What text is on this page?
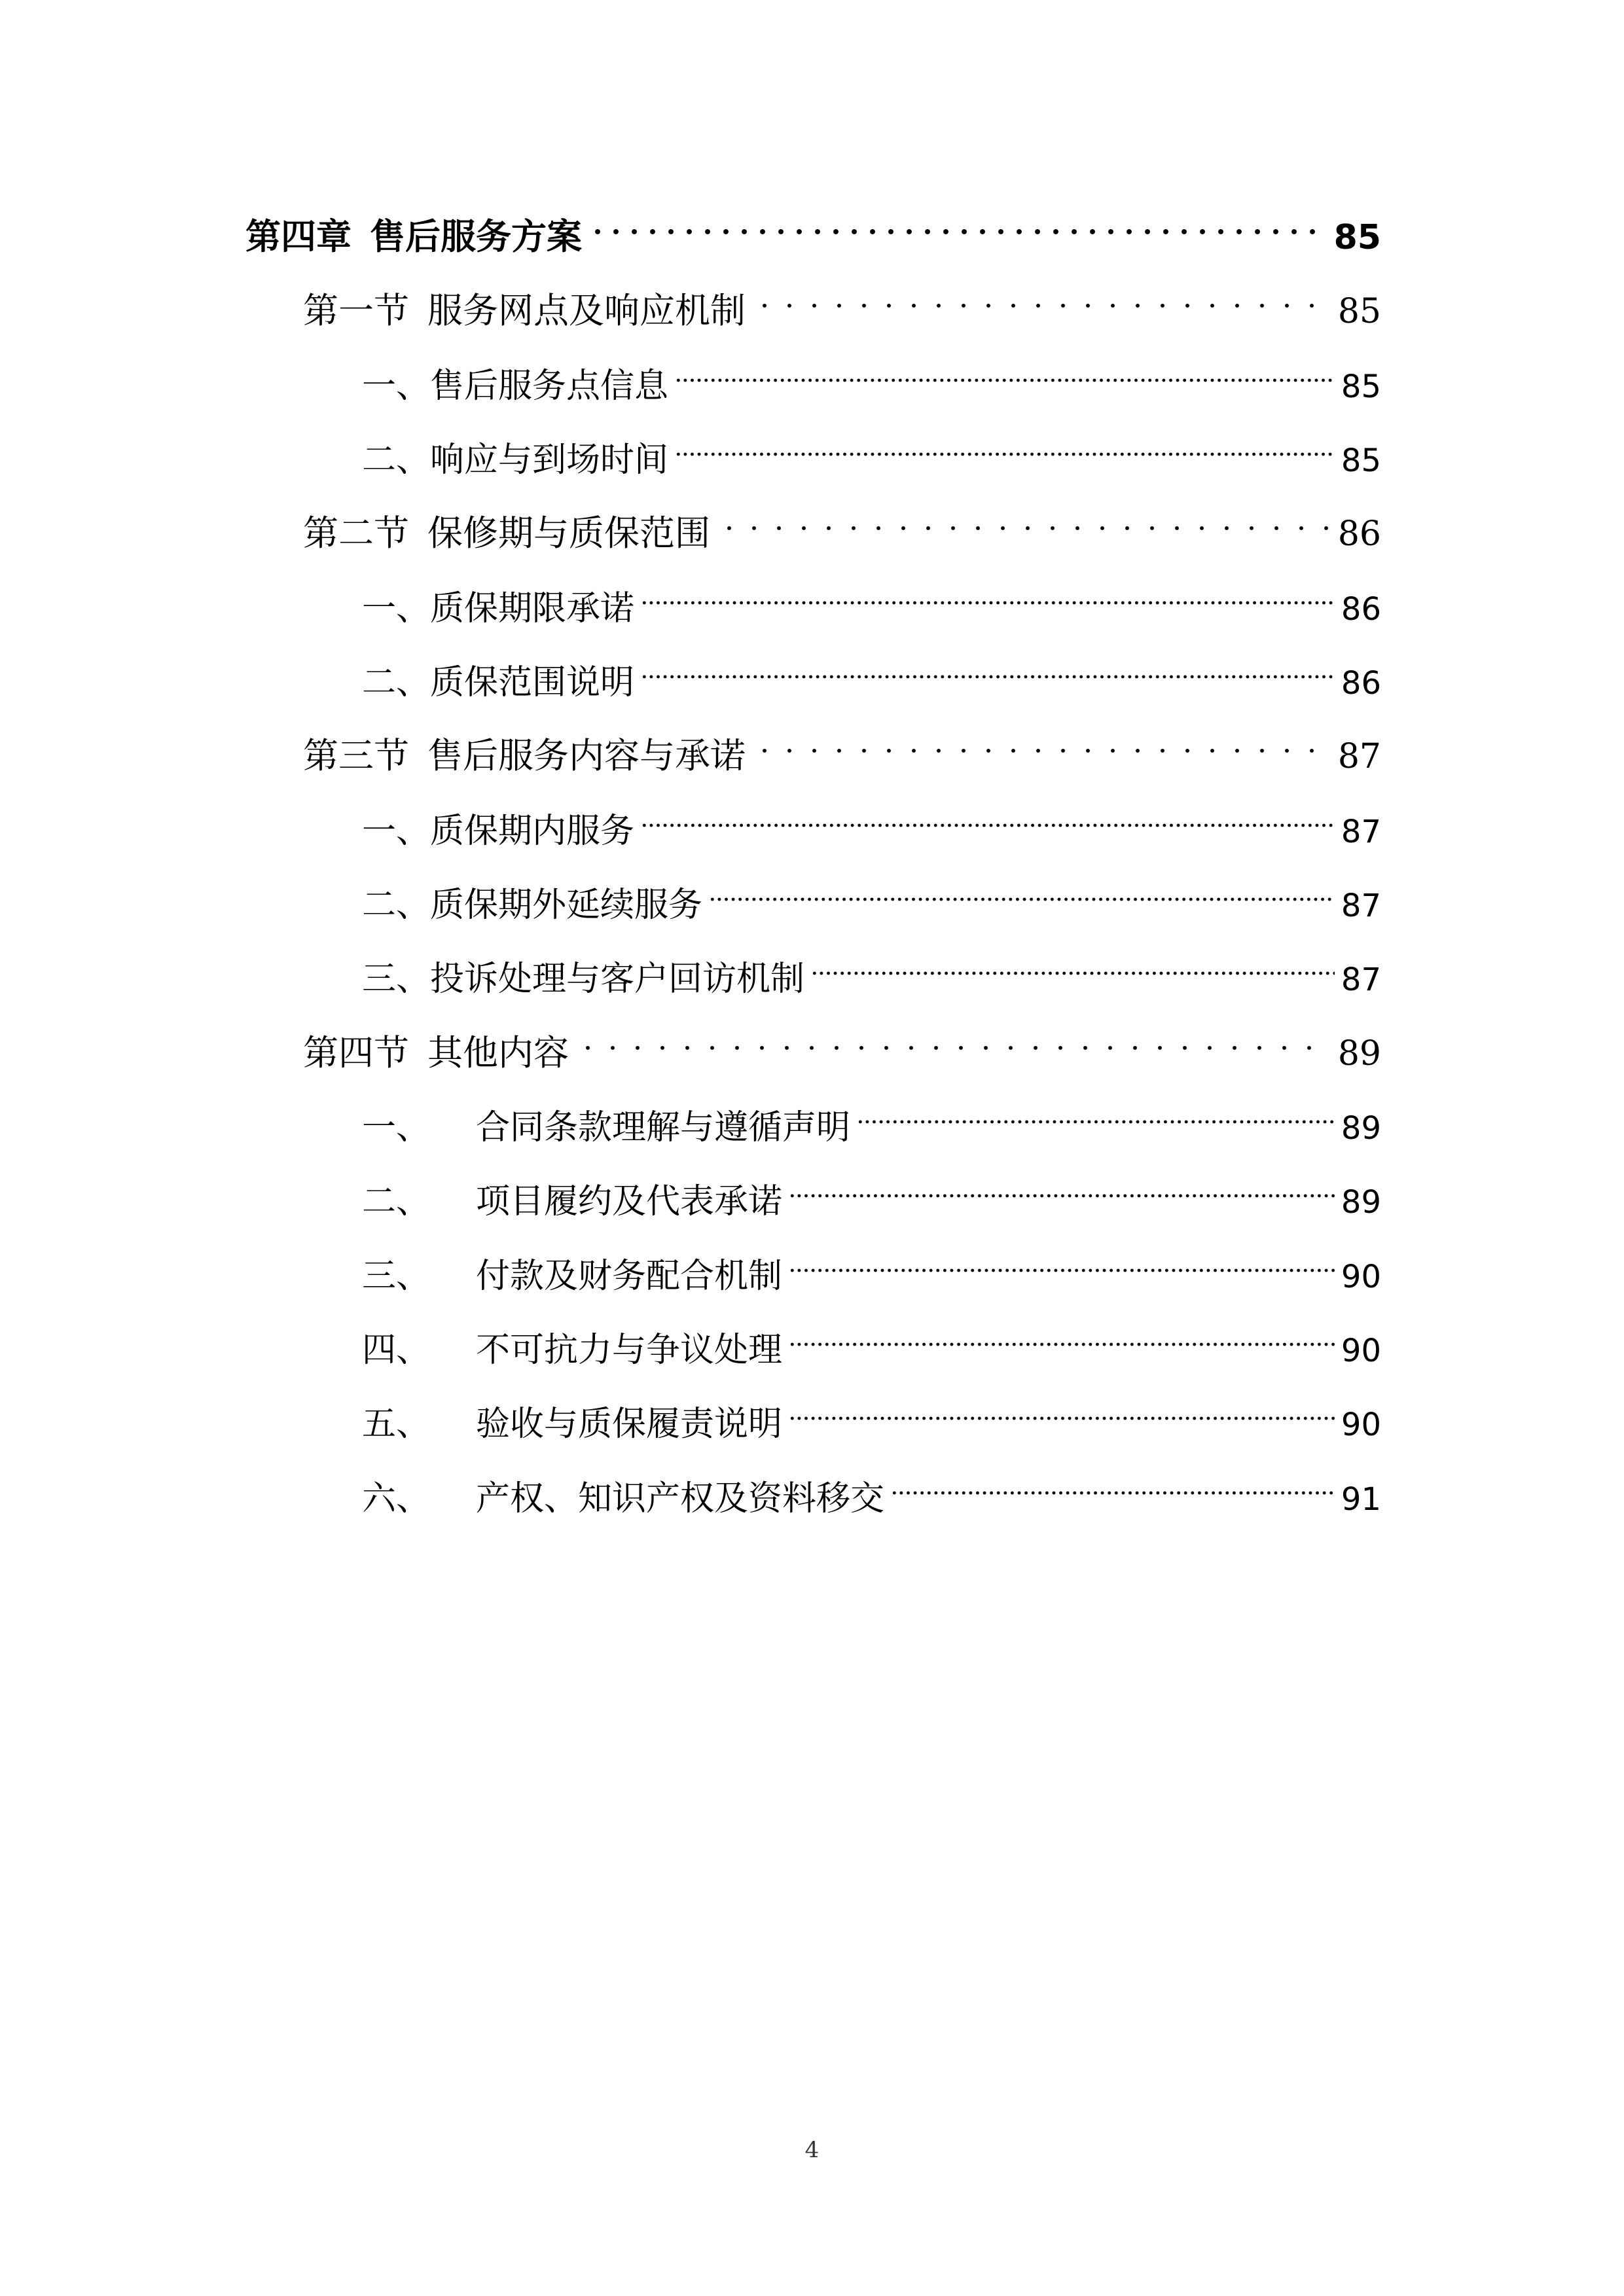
第四章 售后服务方案	85
第一节 服务网点及响应机制	85
一、 售后服务点信息	85
二、 响应与到场时间	85
第二节 保修期与质保范围	86
一、 质保期限承诺	86
二、 质保范围说明	86
第三节 售后服务内容与承诺	87
一、 质保期内服务	87
二、 质保期外延续服务	87
三、 投诉处理与客户回访机制	87
第四节 其他内容	89
一、 合同条款理解与遵循声明	89
二、 项目履约及代表承诺	89
三、 付款及财务配合机制	90
四、 不可抗力与争议处理	90
五、 验收与质保履责说明	90
六、 产权、知识产权及资料移交	91
4
